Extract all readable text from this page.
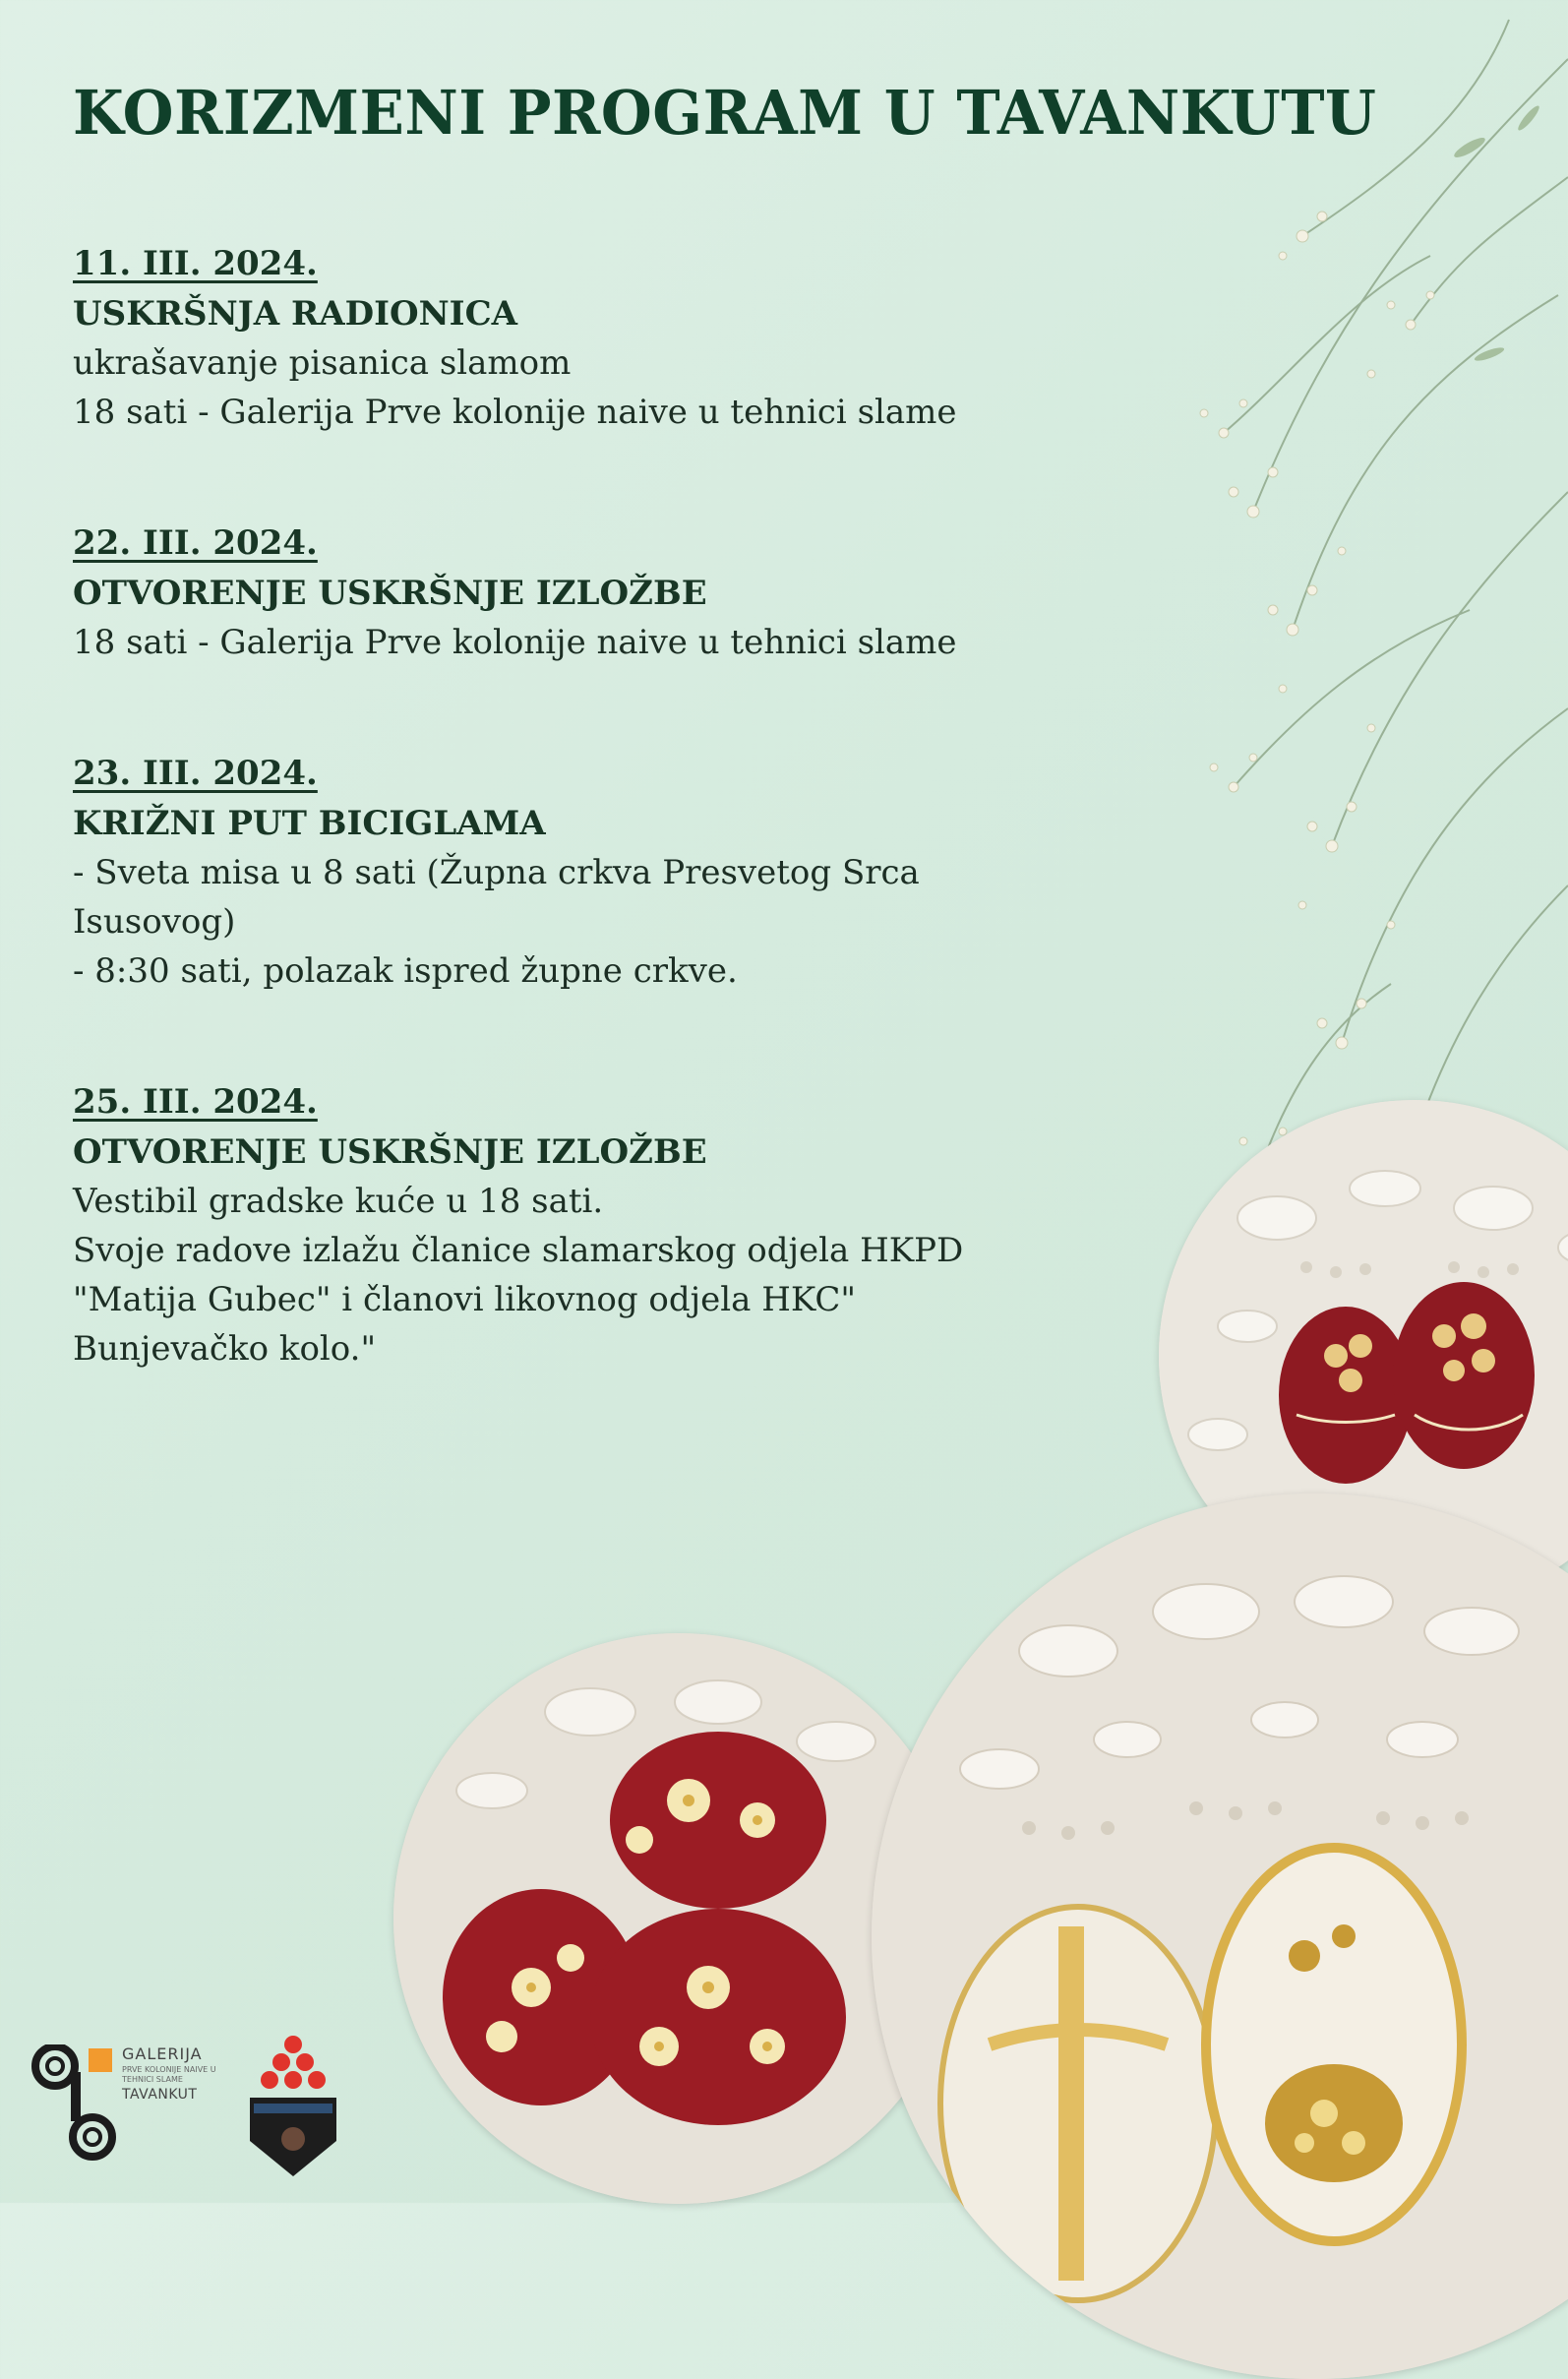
KORIZMENI PROGRAM U TAVANKUTU
11. III. 2024.
USKRŠNJA RADIONICA
ukrašavanje pisanica slamom
18 sati - Galerija Prve kolonije naive u tehnici slame
22. III. 2024.
OTVORENJE USKRŠNJE IZLOŽBE
18 sati - Galerija Prve kolonije naive u tehnici slame
23. III. 2024.
KRIŽNI PUT BICIGLAMA
- Sveta misa u 8 sati (Župna crkva Presvetog Srca
Isusovog)
- 8:30 sati, polazak ispred župne crkve.
25. III. 2024.
OTVORENJE USKRŠNJE IZLOŽBE
Vestibil gradske kuće u 18 sati.
Svoje radove izlažu članice slamarskog odjela HKPD
"Matija Gubec" i članovi likovnog odjela HKC"
Bunjevačko kolo."
GALERIJA
PRVE KOLONIJE NAIVE U TEHNICI SLAME
TAVANKUT
